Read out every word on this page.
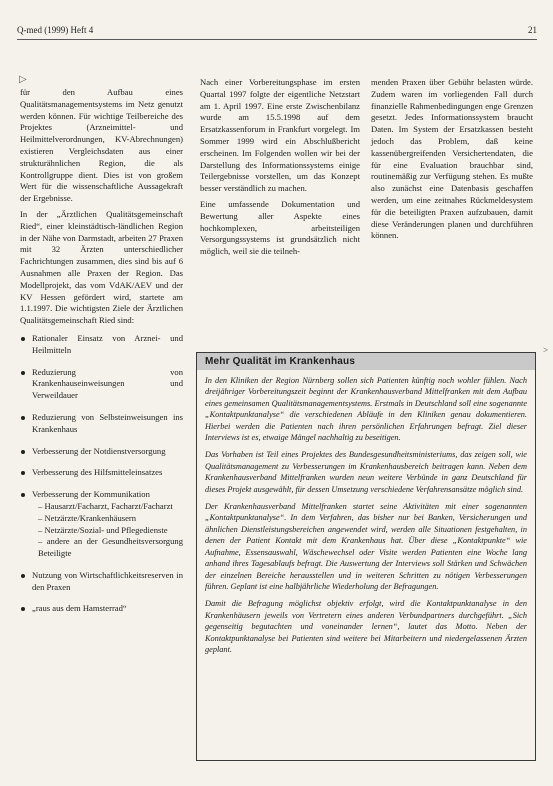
Q-med (1999) Heft 4	21
▷
>

für den Aufbau eines Qualitätsmanagementsystems im Netz genutzt werden können. Für wichtige Teilbereiche des Projektes (Arzneimittel- und Heilmittelverordnungen, KV-Abrechnungen) existieren Vergleichsdaten aus einer strukturähnlichen Region, die als Kontrollgruppe dient. Dies ist von großem Wert für die wissenschaftliche Aussagekraft der Ergebnisse.

In der „Ärztlichen Qualitätsgemeinschaft Ried“, einer kleinstädtisch-ländlichen Region in der Nähe von Darmstadt, arbeiten 27 Praxen mit 32 Ärzten unterschiedlicher Fachrichtungen zusammen, dies sind bis auf 6 Ausnahmen alle Praxen der Region. Das Modellprojekt, das vom VdAK/AEV und der KV Hessen gefördert wird, startete am 1.1.1997. Die wichtigsten Ziele der Ärztlichen Qualitätsgemeinschaft Ried sind:

Rationaler Einsatz von Arznei- und Heilmitteln
Reduzierung von Krankenhauseinweisungen und Verweildauer
Reduzierung von Selbsteinweisungen ins Krankenhaus
Verbesserung der Notdienstversorgung
Verbesserung des Hilfsmitteleinsatzes
Verbesserung der Kommunikation
– Hausarzt/Facharzt, Facharzt/Facharzt
– Netzärzte/Krankenhäusern
– Netzärzte/Sozial- und Pflegedienste
– andere an der Gesundheitsversorgung Beteiligte
Nutzung von Wirtschaftlichkeitsreserven in den Praxen
„raus aus dem Hamsterrad“

Nach einer Vorbereitungsphase im ersten Quartal 1997 folgte der eigentliche Netzstart am 1. April 1997. Eine erste Zwischenbilanz wurde am 15.5.1998 auf dem Ersatzkassenforum in Frankfurt vorgelegt. Im Sommer 1999 wird ein Abschlußbericht erscheinen. Im Folgenden wollen wir bei der Darstellung des Informationssystems einige Teilergebnisse vorstellen, um das Konzept besser verständlich zu machen.

Eine umfassende Dokumentation und Bewertung aller Aspekte eines hochkomplexen, arbeitsteiligen Versorgungssystems ist grundsätzlich nicht möglich, weil sie die teilneh-

menden Praxen über Gebühr belasten würde. Zudem waren im vorliegenden Fall durch finanzielle Rahmenbedingungen enge Grenzen gesetzt. Jedes Informationssystem braucht Daten. Im System der Ersatzkassen besteht jedoch das Problem, daß keine kassenübergreifenden Versichertendaten, die für eine Evaluation brauchbar sind, routinemäßig zur Verfügung stehen. Es mußte also zunächst eine Datenbasis geschaffen werden, um eine zeitnahes Rückmeldesystem für die beteiligten Praxen aufzubauen, damit diese Veränderungen planen und durchführen können.

Mehr Qualität im Krankenhaus

In den Kliniken der Region Nürnberg sollen sich Patienten künftig noch wohler fühlen. Nach dreijähriger Vorbereitungszeit beginnt der Krankenhausverband Mittelfranken mit dem Aufbau eines gemeinsamen Qualitätsmanagementsystems. Erstmals in Deutschland soll eine sogenannte „Kontaktpunktanalyse“ die verschiedenen Abläufe in den Kliniken genau dokumentieren. Hierbei werden die Patienten nach ihren persönlichen Erfahrungen befragt. Ziel dieser Interviews ist es, etwaige Mängel nachhaltig zu beseitigen.

Das Vorhaben ist Teil eines Projektes des Bundesgesundheitsministeriums, das zeigen soll, wie Qualitätsmanagement zu Verbesserungen im Krankenhausbereich beitragen kann. Neben dem Krankenhausverband Mittelfranken wurden neun weitere Verbünde in ganz Deutschland für dieses Projekt ausgewählt, für dessen Umsetzung verschiedene Verfahrensansätze möglich sind.

Der Krankenhausverband Mittelfranken startet seine Aktivitäten mit einer sogenannten „Kontaktpunktanalyse“. In dem Verfahren, das bisher nur bei Banken, Versicherungen und ähnlichen Dienstleistungsbereichen angewendet wird, werden alle Situationen festgehalten, in denen der Patient Kontakt mit dem Krankenhaus hat. Über diese „Kontaktpunkte“ wie Aufnahme, Essensauswahl, Wäschewechsel oder Visite werden Patienten eine Woche lang anhand ihres Tagesablaufs befragt. Die Auswertung der Interviews soll Stärken und Schwächen der einzelnen Bereiche herausstellen und in weiteren Schritten zu nötigen Verbesserungen führen. Geplant ist eine halbjährliche Wiederholung der Befragungen.

Damit die Befragung möglichst objektiv erfolgt, wird die Kontaktpunktanalyse in den Krankenhäusern jeweils von Vertretern eines anderen Verbundpartners durchgeführt. „Sich gegenseitig begutachten und voneinander lernen“, lautet das Motto. Neben der Kontaktpunktanalyse bei Patienten sind weitere bei Mitarbeitern und niedergelassenen Ärzten geplant.
